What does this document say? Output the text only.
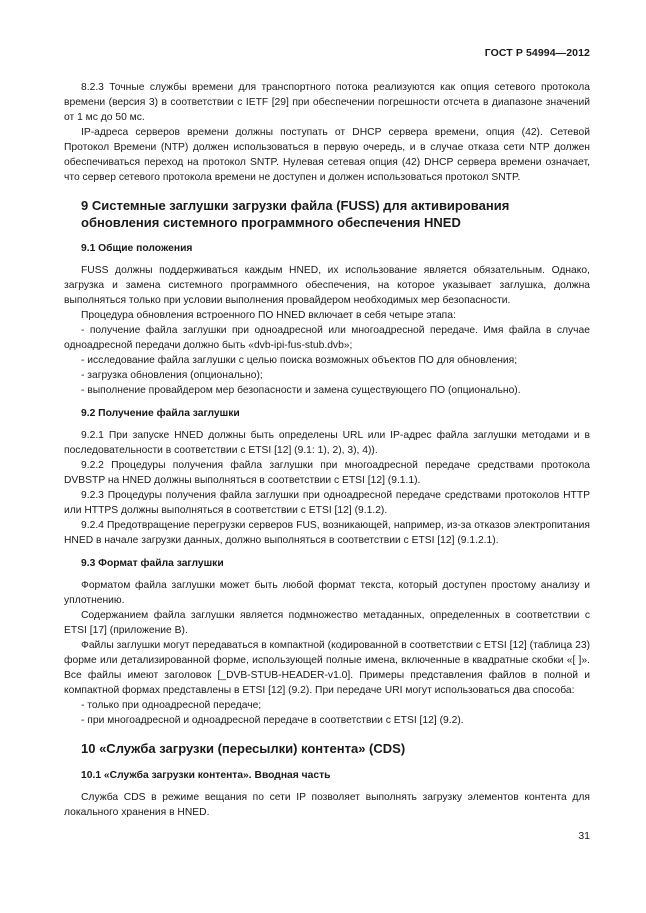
ГОСТ Р 54994—2012

8.2.3 Точные службы времени для транспортного потока реализуются как опция сетевого протокола времени (версия 3) в соответствии с IETF [29] при обеспечении погрешности отсчета в диапазоне значений от 1 мс до 50 мс.

IP-адреса серверов времени должны поступать от DHCP сервера времени, опция (42). Сетевой Протокол Времени (NTP) должен использоваться в первую очередь, и в случае отказа сети NTP должен обеспечиваться переход на протокол SNTP. Нулевая сетевая опция (42) DHCP сервера времени означает, что сервер сетевого протокола времени не доступен и должен использоваться протокол SNTP.

9 Системные заглушки загрузки файла (FUSS) для активирования обновления системного программного обеспечения HNED
9.1 Общие положения

FUSS должны поддерживаться каждым HNED, их использование является обязательным. Однако, загрузка и замена системного программного обеспечения, на которое указывает заглушка, должна выполняться только при условии выполнения провайдером необходимых мер безопасности.

Процедура обновления встроенного ПО HNED включает в себя четыре этапа:

- получение файла заглушки при одноадресной или многоадресной передаче. Имя файла в случае одноадресной передачи должно быть «dvb-ipi-fus-stub.dvb»;

- исследование файла заглушки с целью поиска возможных объектов ПО для обновления;

- загрузка обновления (опционально);

- выполнение провайдером мер безопасности и замена существующего ПО (опционально).

9.2 Получение файла заглушки

9.2.1 При запуске HNED должны быть определены URL или IP-адрес файла заглушки методами и в последовательности в соответствии с ETSI [12] (9.1: 1), 2), 3), 4)).

9.2.2 Процедуры получения файла заглушки при многоадресной передаче средствами протокола DVBSTP на HNED должны выполняться в соответствии с ETSI [12] (9.1.1).

9.2.3 Процедуры получения файла заглушки при одноадресной передаче средствами протоколов HTTP или HTTPS должны выполняться в соответствии с ETSI [12] (9.1.2).

9.2.4 Предотвращение перегрузки серверов FUS, возникающей, например, из-за отказов электропитания HNED в начале загрузки данных, должно выполняться в соответствии с ETSI [12] (9.1.2.1).

9.3 Формат файла заглушки

Форматом файла заглушки может быть любой формат текста, который доступен простому анализу и уплотнению.

Содержанием файла заглушки является подмножество метаданных, определенных в соответствии с ETSI [17] (приложение В).

Файлы заглушки могут передаваться в компактной (кодированной в соответствии с ETSI [12] (таблица 23) форме или детализированной форме, использующей полные имена, включенные в квадратные скобки «[ ]». Все файлы имеют заголовок [_DVB-STUB-HEADER-v1.0]. Примеры представления файлов в полной и компактной формах представлены в ETSI [12] (9.2). При передаче URI могут использоваться два способа:

- только при одноадресной передаче;

- при многоадресной и одноадресной передаче в соответствии с ETSI [12] (9.2).

10 «Служба загрузки (пересылки) контента» (CDS)
10.1 «Служба загрузки контента». Вводная часть

Служба CDS в режиме вещания по сети IP позволяет выполнять загрузку элементов контента для локального хранения в HNED.

31
